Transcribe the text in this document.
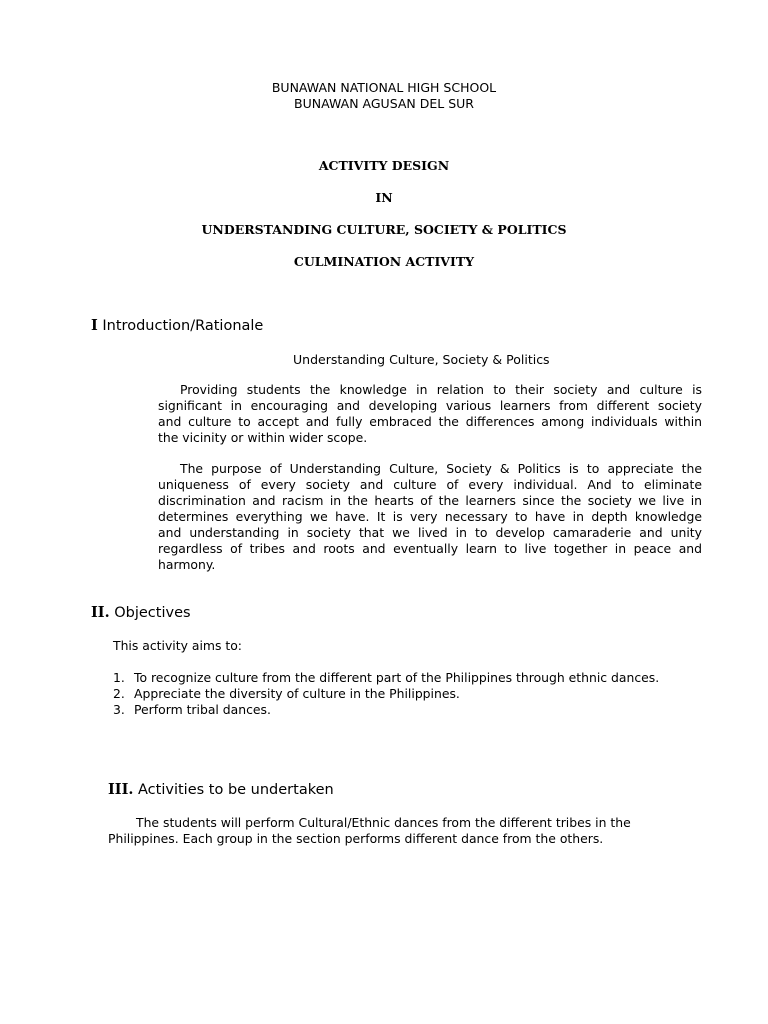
BUNAWAN NATIONAL HIGH SCHOOL
BUNAWAN AGUSAN DEL SUR
ACTIVITY DESIGN
IN
UNDERSTANDING CULTURE, SOCIETY & POLITICS
CULMINATION ACTIVITY
I Introduction/Rationale
Understanding Culture, Society & Politics
Providing students the knowledge in relation to their society and culture is
significant in encouraging and developing various learners from different society
and culture to accept and fully embraced the differences among individuals within
the vicinity or within wider scope.
The purpose of Understanding Culture, Society & Politics is to appreciate the
uniqueness of every society and culture of every individual. And to eliminate
discrimination and racism in the hearts of the learners since the society we live in
determines everything we have. It is very necessary to have in depth knowledge
and understanding in society that we lived in to develop camaraderie and unity
regardless of tribes and roots and eventually learn to live together in peace and
harmony.
II. Objectives
This activity aims to:
1. To recognize culture from the different part of the Philippines through ethnic dances.
2. Appreciate the diversity of culture in the Philippines.
3. Perform tribal dances.
III. Activities to be undertaken
The students will perform Cultural/Ethnic dances from the different tribes in the
Philippines. Each group in the section performs different dance from the others.
